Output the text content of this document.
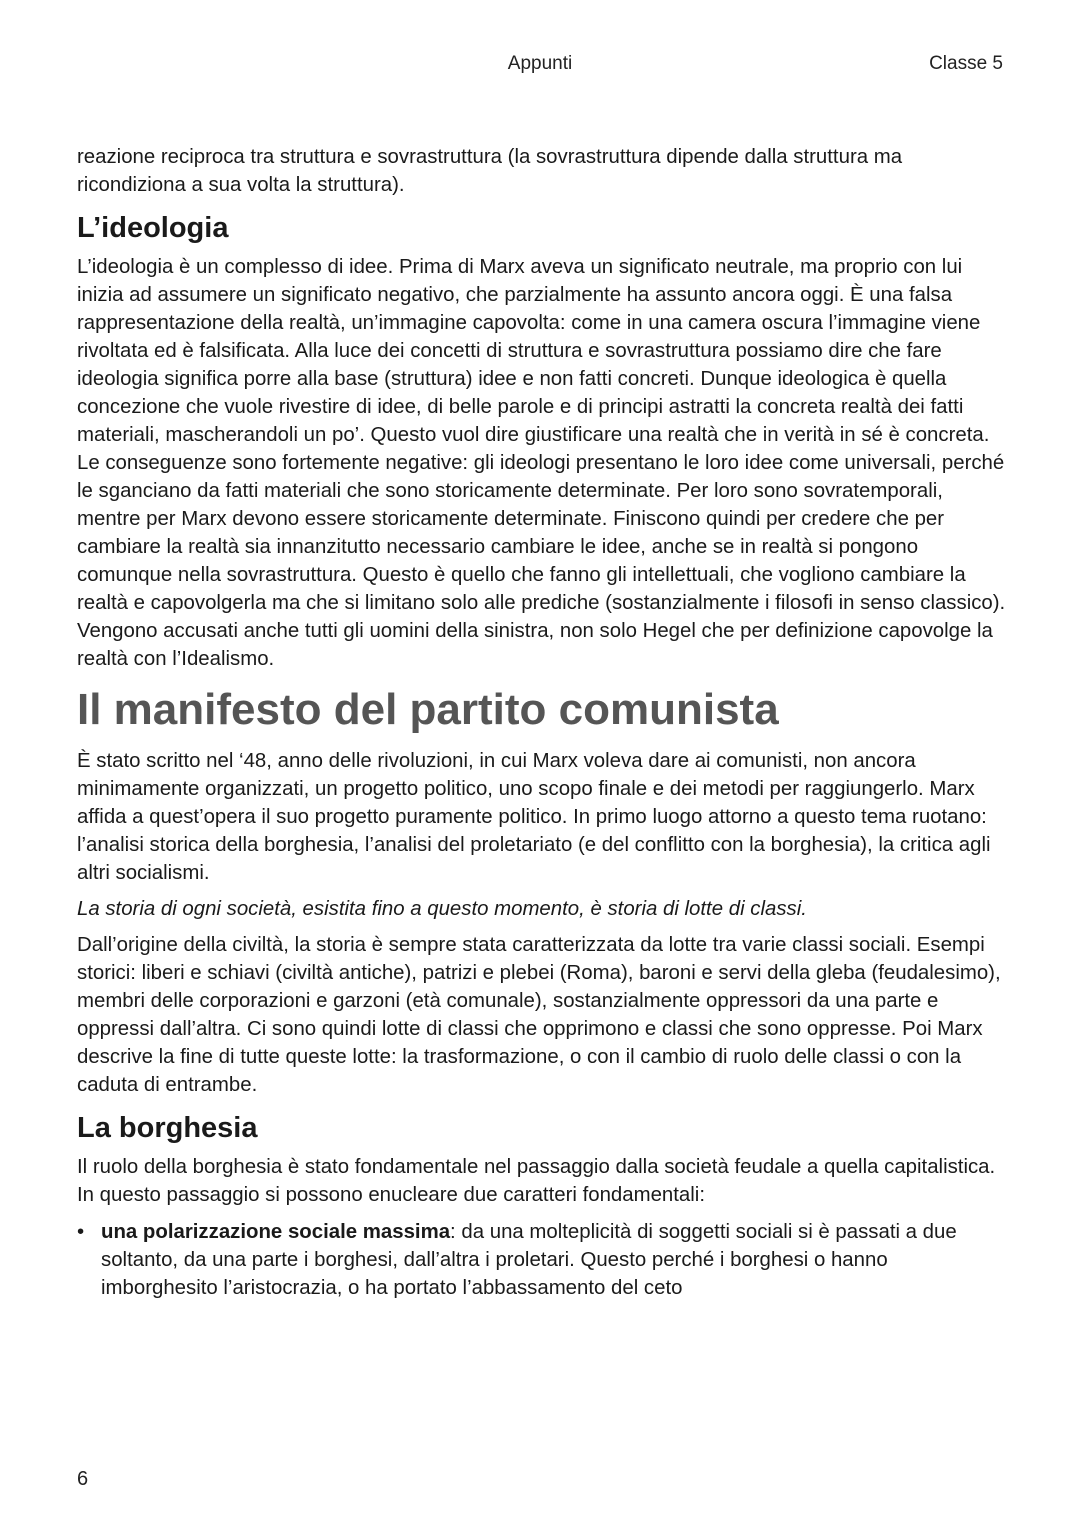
Appunti	Classe 5

reazione reciproca tra struttura e sovrastruttura (la sovrastruttura dipende dalla struttura ma ricondiziona a sua volta la struttura).

L’ideologia

L’ideologia è un complesso di idee. Prima di Marx aveva un significato neutrale, ma proprio con lui inizia ad assumere un significato negativo, che parzialmente ha assunto ancora oggi. È una falsa rappresentazione della realtà, un’immagine capovolta: come in una camera oscura l’immagine viene rivoltata ed è falsificata. Alla luce dei concetti di struttura e sovrastruttura possiamo dire che fare ideologia significa porre alla base (struttura) idee e non fatti concreti. Dunque ideologica è quella concezione che vuole rivestire di idee, di belle parole e di principi astratti la concreta realtà dei fatti materiali, mascherandoli un po’. Questo vuol dire giustificare una realtà che in verità in sé è concreta. Le conseguenze sono fortemente negative: gli ideologi presentano le loro idee come universali, perché le sganciano da fatti materiali che sono storicamente determinate. Per loro sono sovratemporali, mentre per Marx devono essere storicamente determinate. Finiscono quindi per credere che per cambiare la realtà sia innanzitutto necessario cambiare le idee, anche se in realtà si pongono comunque nella sovrastruttura. Questo è quello che fanno gli intellettuali, che vogliono cambiare la realtà e capovolgerla ma che si limitano solo alle prediche (sostanzialmente i filosofi in senso classico). Vengono accusati anche tutti gli uomini della sinistra, non solo Hegel che per definizione capovolge la realtà con l’Idealismo.

Il manifesto del partito comunista

È stato scritto nel ‘48, anno delle rivoluzioni, in cui Marx voleva dare ai comunisti, non ancora minimamente organizzati, un progetto politico, uno scopo finale e dei metodi per raggiungerlo. Marx affida a quest’opera il suo progetto puramente politico. In primo luogo attorno a questo tema ruotano: l’analisi storica della borghesia, l’analisi del proletariato (e del conflitto con la borghesia), la critica agli altri socialismi.

La storia di ogni società, esistita fino a questo momento, è storia di lotte di classi.

Dall’origine della civiltà, la storia è sempre stata caratterizzata da lotte tra varie classi sociali. Esempi storici: liberi e schiavi (civiltà antiche), patrizi e plebei (Roma), baroni e servi della gleba (feudalesimo), membri delle corporazioni e garzoni (età comunale), sostanzialmente oppressori da una parte e oppressi dall’altra. Ci sono quindi lotte di classi che opprimono e classi che sono oppresse. Poi Marx descrive la fine di tutte queste lotte: la trasformazione, o con il cambio di ruolo delle classi o con la caduta di entrambe.

La borghesia

Il ruolo della borghesia è stato fondamentale nel passaggio dalla società feudale a quella capitalistica. In questo passaggio si possono enucleare due caratteri fondamentali:

• una polarizzazione sociale massima: da una molteplicità di soggetti sociali si è passati a due soltanto, da una parte i borghesi, dall’altra i proletari. Questo perché i borghesi o hanno imborghesito l’aristocrazia, o ha portato l’abbassamento del ceto
6
